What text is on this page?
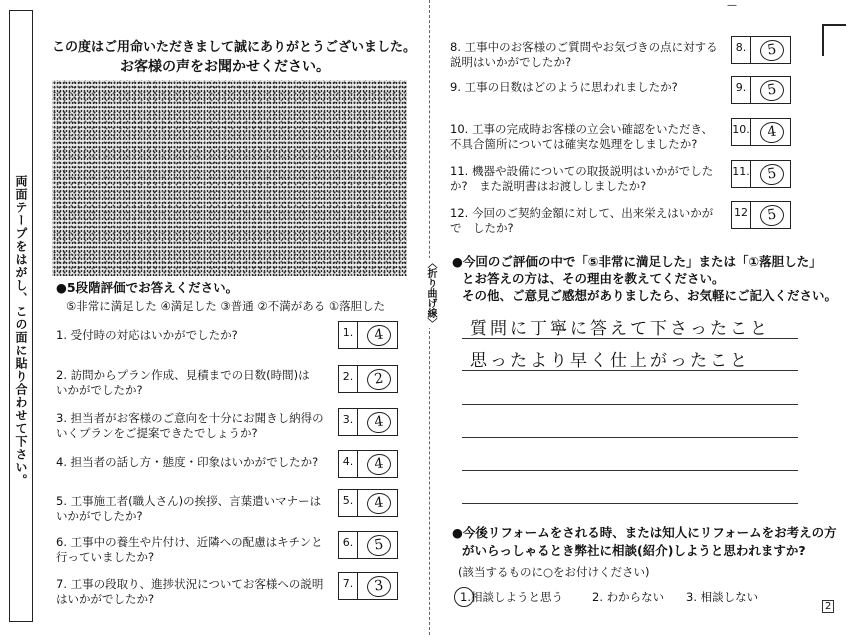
両面テープをはがし、この面に貼り合わせて下さい。
この度はご用命いただきまして誠にありがとうございました。
お客様の声をお聞かせください。
●5段階評価でお答えください。
⑤非常に満足した ④満足した ③普通 ②不満がある ①落胆した
1. 受付時の対応はいかがでしたか?	1.	4
2. 訪問からプラン作成、見積までの日数(時間)は　いかがでしたか?
2.	2
3. 担当者がお客様のご意向を十分にお聞きし納得の　いくプランをご提案できたでしょうか?
3.	4
4. 担当者の話し方・態度・印象はいかがでしたか?	4.	4
5. 工事施工者(職人さん)の挨拶、言葉遣いマナーは　いかがでしたか?
5.	4
6. 工事中の養生や片付け、近隣への配慮はキチンと　行っていましたか?
6.	5
7. 工事の段取り、進捗状況についてお客様への説明　はいかがでしたか?
7.	3
〈折り曲げ線〉
—
8. 工事中のお客様のご質問やお気づきの点に対する　説明はいかがでしたか?
8.	5
9. 工事の日数はどのように思われましたか?	9.	5
10. 工事の完成時お客様の立会い確認をいただき、　不具合箇所については確実な処理をしましたか?
10.	4
11. 機器や設備についての取扱説明はいかがでしたか?　また説明書はお渡ししましたか?
11.	5
12. 今回のご契約金額に対して、出来栄えはいかがで　したか?
12	5
●今回のご評価の中で「⑤非常に満足した」または「①落胆した」
とお答えの方は、その理由を教えてください。
その他、ご意見ご感想がありましたら、お気軽にご記入ください。
質問に丁寧に答えて下さったこと
思ったより早く仕上がったこと
●今後リフォームをされる時、または知人にリフォームをお考えの方
がいらっしゃるとき弊社に相談(紹介)しようと思われますか?
(該当するものに○をお付けください)
1.相談しようと思う	2. わからない 3. 相談しない
2
